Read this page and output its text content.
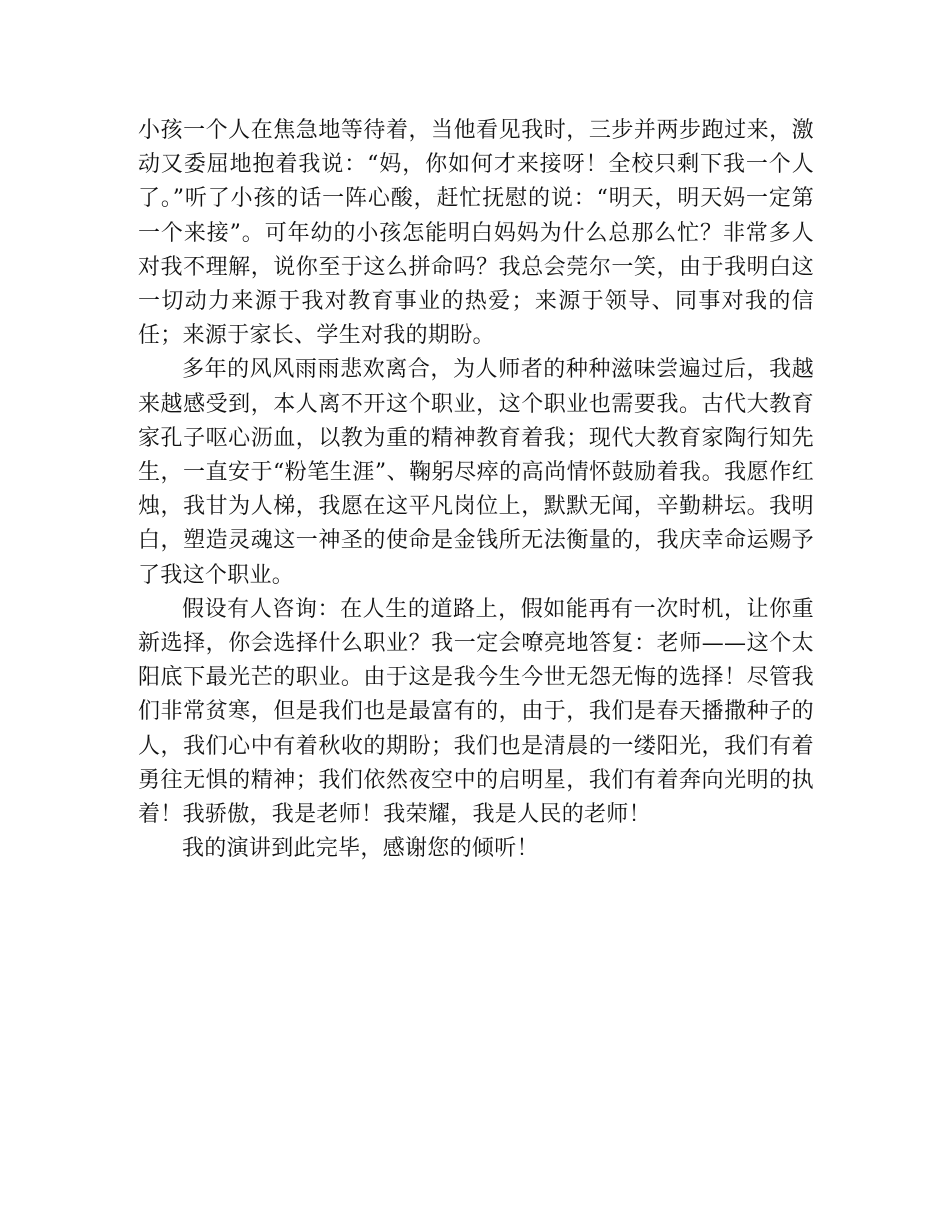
小孩一个人在焦急地等待着，当他看见我时，三步并两步跑过来，激动又委屈地抱着我说：“妈，你如何才来接呀！全校只剩下我一个人了。”听了小孩的话一阵心酸，赶忙抚慰的说：“明天，明天妈一定第一个来接”。可年幼的小孩怎能明白妈妈为什么总那么忙？非常多人对我不理解，说你至于这么拼命吗？我总会莞尔一笑，由于我明白这一切动力来源于我对教育事业的热爱；来源于领导、同事对我的信任；来源于家长、学生对我的期盼。

多年的风风雨雨悲欢离合，为人师者的种种滋味尝遍过后，我越来越感受到，本人离不开这个职业，这个职业也需要我。古代大教育家孔子呕心沥血，以教为重的精神教育着我；现代大教育家陶行知先生，一直安于“粉笔生涯”、鞠躬尽瘁的高尚情怀鼓励着我。我愿作红烛，我甘为人梯，我愿在这平凡岗位上，默默无闻，辛勤耕坛。我明白，塑造灵魂这一神圣的使命是金钱所无法衡量的，我庆幸命运赐予了我这个职业。

假设有人咨询：在人生的道路上，假如能再有一次时机，让你重新选择，你会选择什么职业？我一定会嘹亮地答复：老师——这个太阳底下最光芒的职业。由于这是我今生今世无怨无悔的选择！尽管我们非常贫寒，但是我们也是最富有的，由于，我们是春天播撒种子的人，我们心中有着秋收的期盼；我们也是清晨的一缕阳光，我们有着勇往无惧的精神；我们依然夜空中的启明星，我们有着奔向光明的执着！我骄傲，我是老师！我荣耀，我是人民的老师！

我的演讲到此完毕，感谢您的倾听！
